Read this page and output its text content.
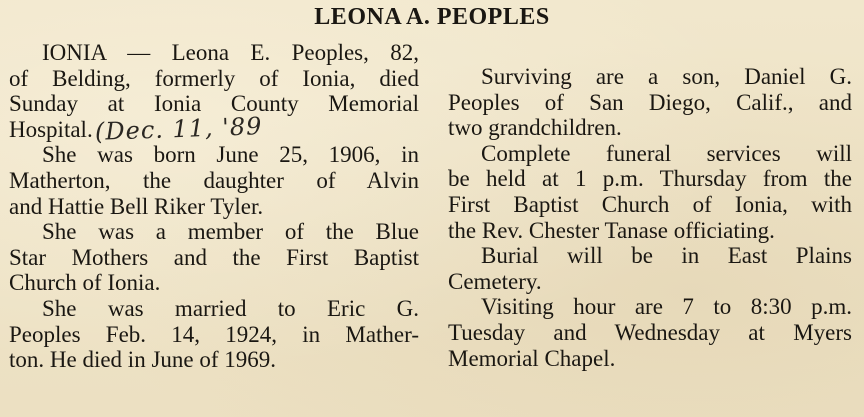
LEONA A. PEOPLES
IONIA — Leona E. Peoples, 82,
of Belding, formerly of Ionia, died
Sunday at Ionia County Memorial
Hospital.(Dec. 11, '89
She was born June 25, 1906, in
Matherton, the daughter of Alvin
and Hattie Bell Riker Tyler.
She was a member of the Blue
Star Mothers and the First Baptist
Church of Ionia.
She was married to Eric G.
Peoples Feb. 14, 1924, in Mather-
ton. He died in June of 1969.
Surviving are a son, Daniel G.
Peoples of San Diego, Calif., and
two grandchildren.
Complete funeral services will
be held at 1 p.m. Thursday from the
First Baptist Church of Ionia, with
the Rev. Chester Tanase officiating.
Burial will be in East Plains
Cemetery.
Visiting hour are 7 to 8:30 p.m.
Tuesday and Wednesday at Myers
Memorial Chapel.
